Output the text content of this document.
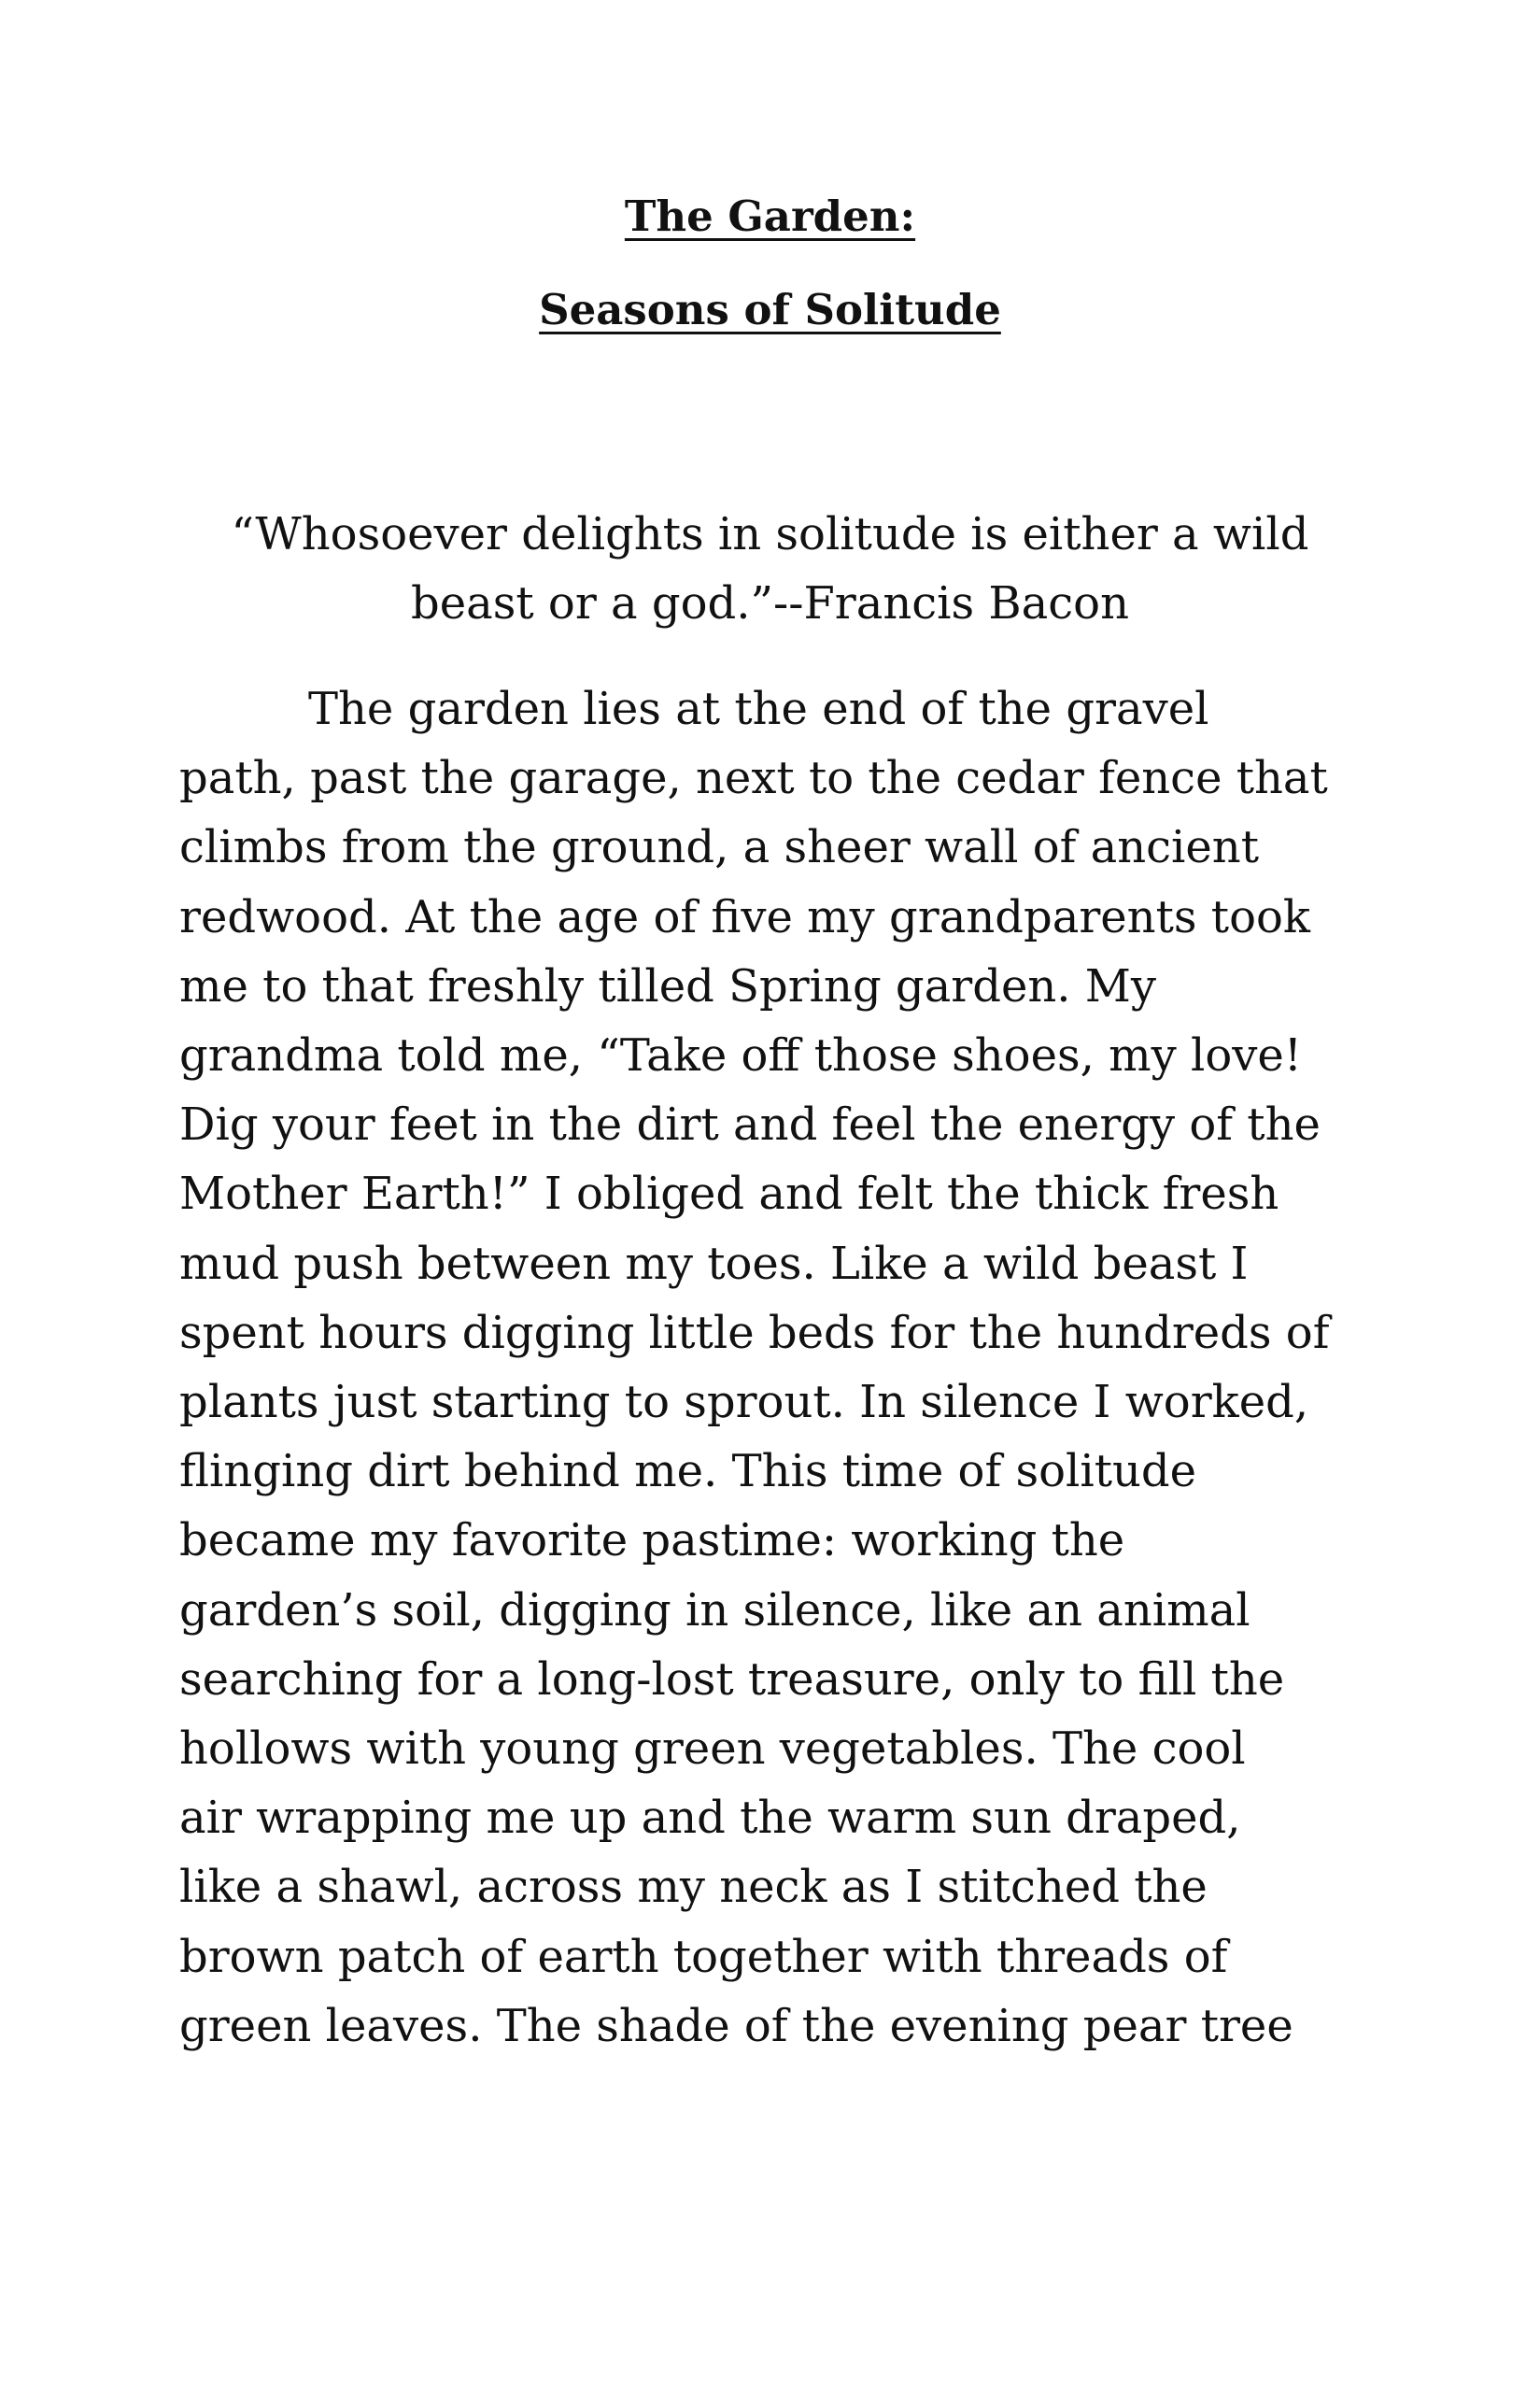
The Garden:
Seasons of Solitude
“Whosoever delights in solitude is either a wild
beast or a god.”--Francis Bacon
The garden lies at the end of the gravel
path, past the garage, next to the cedar fence that
climbs from the ground, a sheer wall of ancient
redwood. At the age of five my grandparents took
me to that freshly tilled Spring garden. My
grandma told me, “Take off those shoes, my love!
Dig your feet in the dirt and feel the energy of the
Mother Earth!” I obliged and felt the thick fresh
mud push between my toes. Like a wild beast I
spent hours digging little beds for the hundreds of
plants just starting to sprout. In silence I worked,
flinging dirt behind me. This time of solitude
became my favorite pastime: working the
garden’s soil, digging in silence, like an animal
searching for a long-lost treasure, only to fill the
hollows with young green vegetables. The cool
air wrapping me up and the warm sun draped,
like a shawl, across my neck as I stitched the
brown patch of earth together with threads of
green leaves. The shade of the evening pear tree
